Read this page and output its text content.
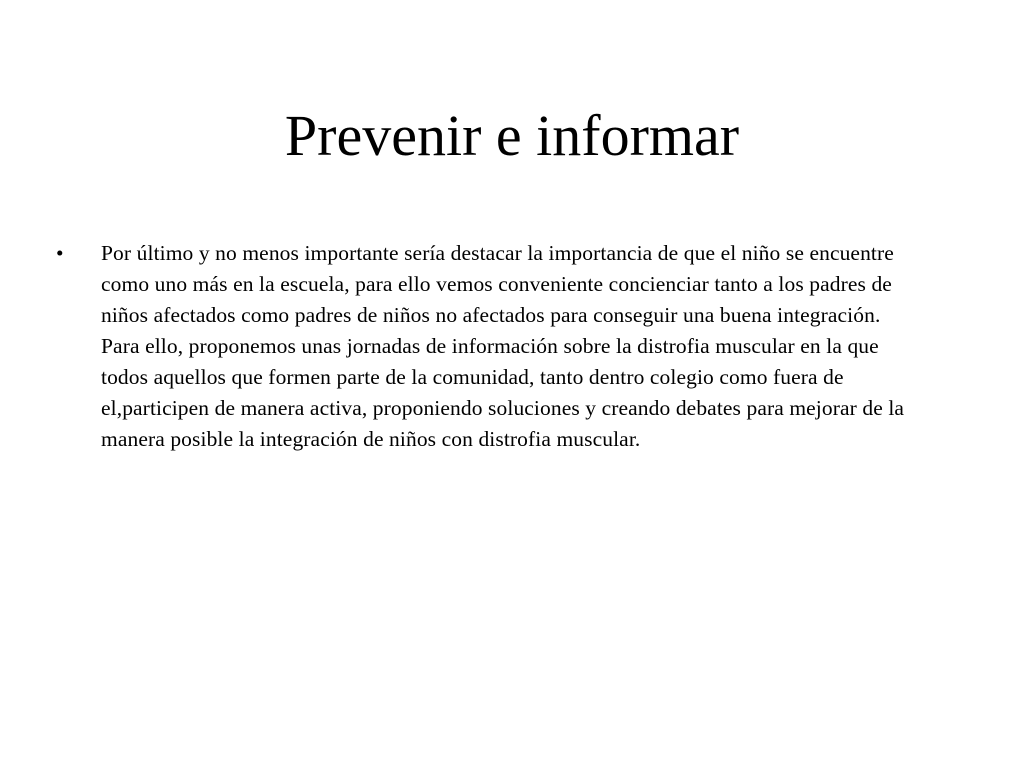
Prevenir e informar
• Por último y no menos importante sería destacar la importancia de que el niño se encuentre como uno más en la escuela, para ello vemos conveniente concienciar tanto a los padres de niños afectados como padres de niños no afectados para conseguir una buena integración. Para ello, proponemos unas jornadas de información sobre la distrofia muscular en la que todos aquellos que formen parte de la comunidad, tanto dentro colegio como fuera de el,participen de manera activa, proponiendo soluciones y creando debates para mejorar de la manera posible la integración de niños con distrofia muscular.
